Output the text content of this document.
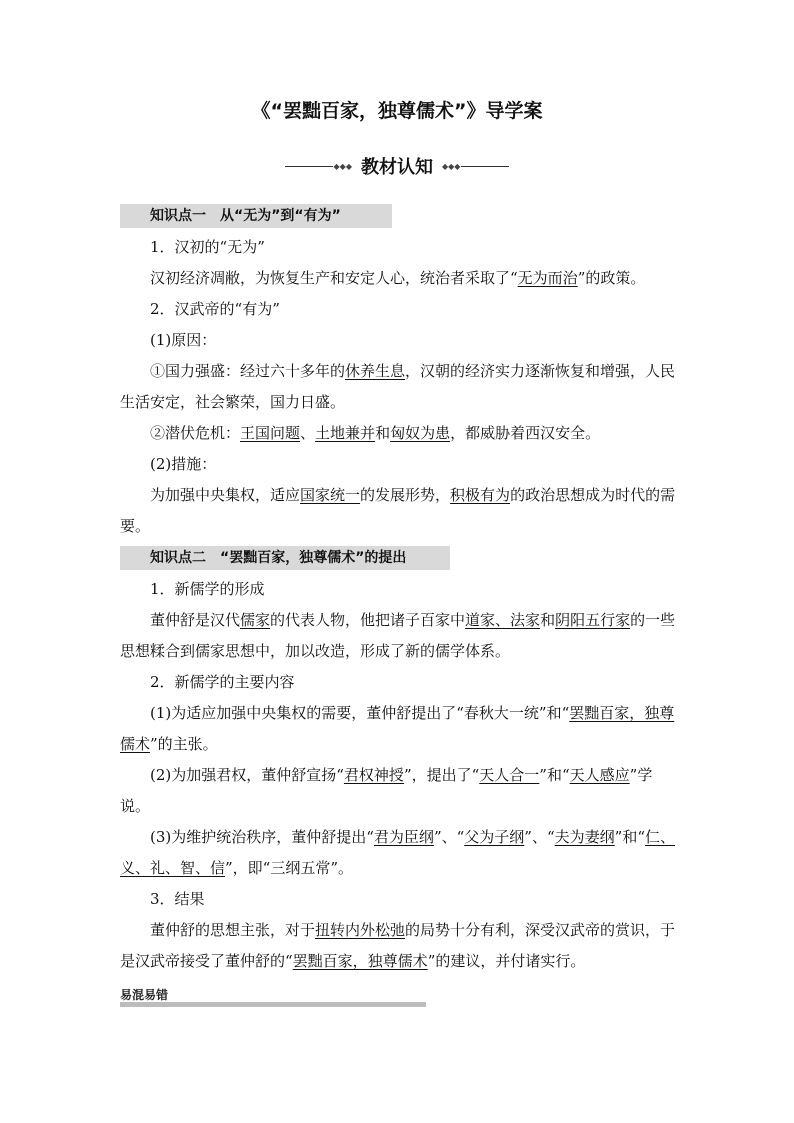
《“罢黜百家，独尊儒术”》导学案
◆◆◆ 教材认知 ◆◆◆
知识点一　从“无为”到“有为”

1．汉初的“无为”

汉初经济凋敝，为恢复生产和安定人心，统治者采取了“无为而治”的政策。

2．汉武帝的“有为”

(1)原因：

①国力强盛：经过六十多年的休养生息，汉朝的经济实力逐渐恢复和增强，人民生活安定，社会繁荣，国力日盛。

②潜伏危机：王国问题、土地兼并和匈奴为患，都威胁着西汉安全。

(2)措施：

为加强中央集权，适应国家统一的发展形势，积极有为的政治思想成为时代的需要。

知识点二　“罢黜百家，独尊儒术”的提出

1．新儒学的形成

董仲舒是汉代儒家的代表人物，他把诸子百家中道家、法家和阴阳五行家的一些思想糅合到儒家思想中，加以改造，形成了新的儒学体系。

2．新儒学的主要内容

(1)为适应加强中央集权的需要，董仲舒提出了“春秋大一统”和“罢黜百家，独尊儒术”的主张。

(2)为加强君权，董仲舒宣扬“君权神授”，提出了“天人合一”和“天人感应”学说。

(3)为维护统治秩序，董仲舒提出“君为臣纲”、“父为子纲”、“夫为妻纲”和“仁、义、礼、智、信”，即“三纲五常”。

3．结果

董仲舒的思想主张，对于扭转内外松弛的局势十分有利，深受汉武帝的赏识，于是汉武帝接受了董仲舒的“罢黜百家，独尊儒术”的建议，并付诸实行。

易混易错
